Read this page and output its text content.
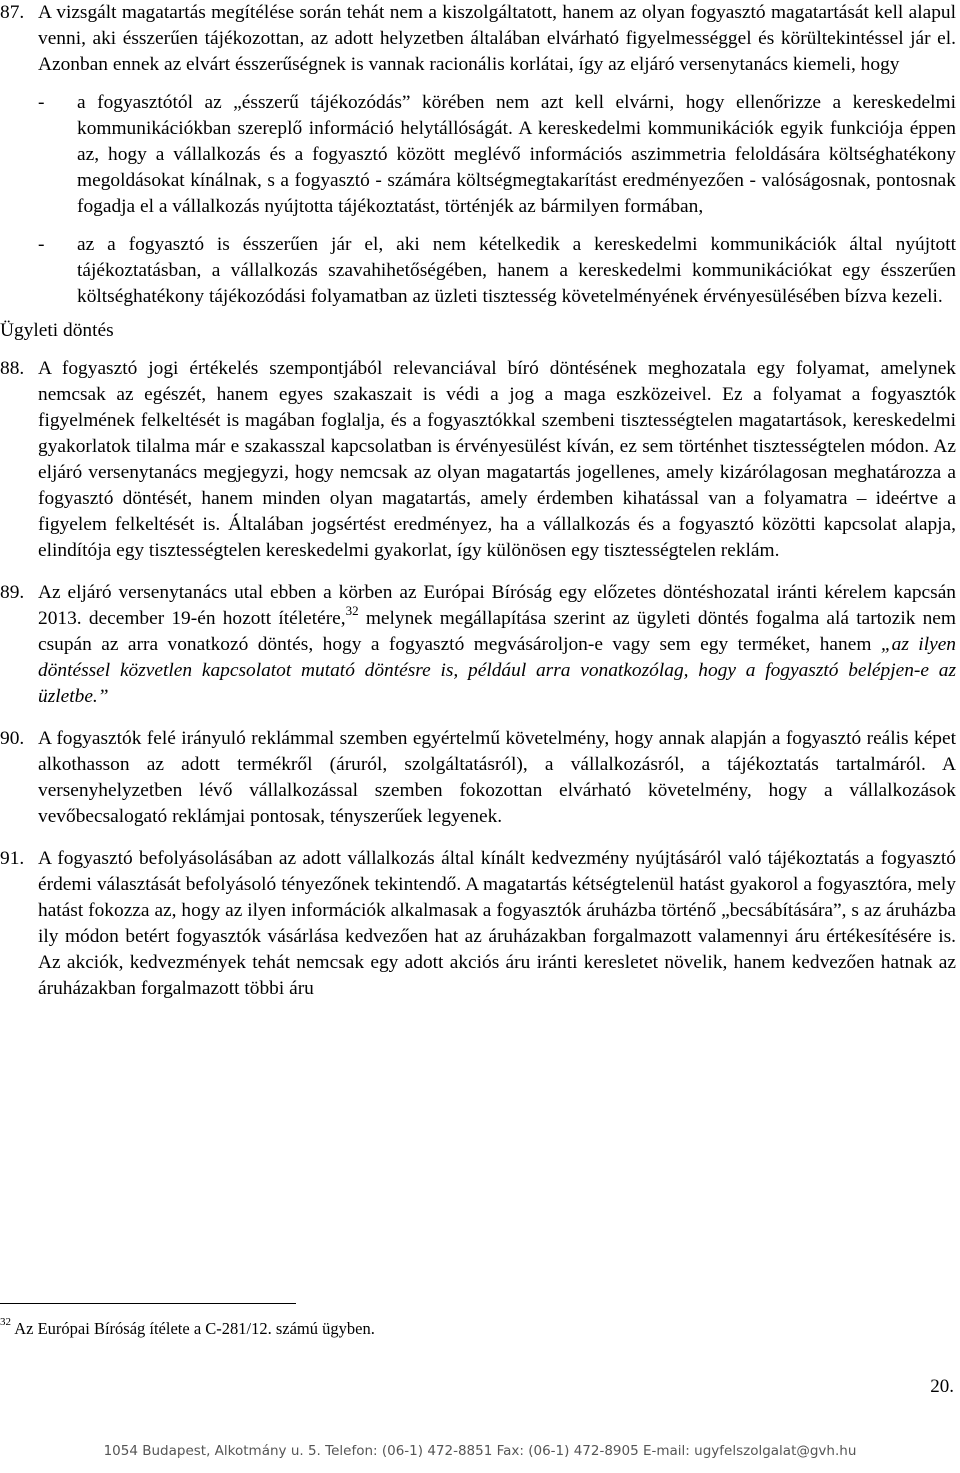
87. A vizsgált magatartás megítélése során tehát nem a kiszolgáltatott, hanem az olyan fogyasztó magatartását kell alapul venni, aki ésszerűen tájékozottan, az adott helyzetben általában elvárható figyelmességgel és körültekintéssel jár el. Azonban ennek az elvárt ésszerűségnek is vannak racionális korlátai, így az eljáró versenytanács kiemeli, hogy

- a fogyasztótól az „ésszerű tájékozódás” körében nem azt kell elvárni, hogy ellenőrizze a kereskedelmi kommunikációkban szereplő információ helytállóságát. A kereskedelmi kommunikációk egyik funkciója éppen az, hogy a vállalkozás és a fogyasztó között meglévő információs aszimmetria feloldására költséghatékony megoldásokat kínálnak, s a fogyasztó - számára költségmegtakarítást eredményezően - valóságosnak, pontosnak fogadja el a vállalkozás nyújtotta tájékoztatást, történjék az bármilyen formában,

- az a fogyasztó is ésszerűen jár el, aki nem kételkedik a kereskedelmi kommunikációk által nyújtott tájékoztatásban, a vállalkozás szavahihetőségében, hanem a kereskedelmi kommunikációkat egy ésszerűen költséghatékony tájékozódási folyamatban az üzleti tisztesség követelményének érvényesülésében bízva kezeli.

Ügyleti döntés

88. A fogyasztó jogi értékelés szempontjából relevanciával bíró döntésének meghozatala egy folyamat, amelynek nemcsak az egészét, hanem egyes szakaszait is védi a jog a maga eszközeivel. Ez a folyamat a fogyasztók figyelmének felkeltését is magában foglalja, és a fogyasztókkal szembeni tisztességtelen magatartások, kereskedelmi gyakorlatok tilalma már e szakasszal kapcsolatban is érvényesülést kíván, ez sem történhet tisztességtelen módon. Az eljáró versenytanács megjegyzi, hogy nemcsak az olyan magatartás jogellenes, amely kizárólagosan meghatározza a fogyasztó döntését, hanem minden olyan magatartás, amely érdemben kihatással van a folyamatra – ideértve a figyelem felkeltését is. Általában jogsértést eredményez, ha a vállalkozás és a fogyasztó közötti kapcsolat alapja, elindítója egy tisztességtelen kereskedelmi gyakorlat, így különösen egy tisztességtelen reklám.

89. Az eljáró versenytanács utal ebben a körben az Európai Bíróság egy előzetes döntéshozatal iránti kérelem kapcsán 2013. december 19-én hozott ítéletére,$^{32}$ melynek megállapítása szerint az ügyleti döntés fogalma alá tartozik nem csupán az arra vonatkozó döntés, hogy a fogyasztó megvásároljon-e vagy sem egy terméket, hanem „az ilyen döntéssel közvetlen kapcsolatot mutató döntésre is, például arra vonatkozólag, hogy a fogyasztó belépjen-e az üzletbe.”

90. A fogyasztók felé irányuló reklámmal szemben egyértelmű követelmény, hogy annak alapján a fogyasztó reális képet alkothasson az adott termékről (áruról, szolgáltatásról), a vállalkozásról, a tájékoztatás tartalmáról. A versenyhelyzetben lévő vállalkozással szemben fokozottan elvárható követelmény, hogy a vállalkozások vevőbecsalogató reklámjai pontosak, tényszerűek legyenek.

91. A fogyasztó befolyásolásában az adott vállalkozás által kínált kedvezmény nyújtásáról való tájékoztatás a fogyasztó érdemi választását befolyásoló tényezőnek tekintendő. A magatartás kétségtelenül hatást gyakorol a fogyasztóra, mely hatást fokozza az, hogy az ilyen információk alkalmasak a fogyasztók áruházba történő „becsábítására”, s az áruházba ily módon betért fogyasztók vásárlása kedvezően hat az áruházakban forgalmazott valamennyi áru értékesítésére is. Az akciók, kedvezmények tehát nemcsak egy adott akciós áru iránti keresletet növelik, hanem kedvezően hatnak az áruházakban forgalmazott többi áru

$^{32}$ Az Európai Bíróság ítélete a C-281/12. számú ügyben.
20.
1054 Budapest, Alkotmány u. 5. Telefon: (06-1) 472-8851 Fax: (06-1) 472-8905 E-mail: ugyfelszolgalat@gvh.hu
